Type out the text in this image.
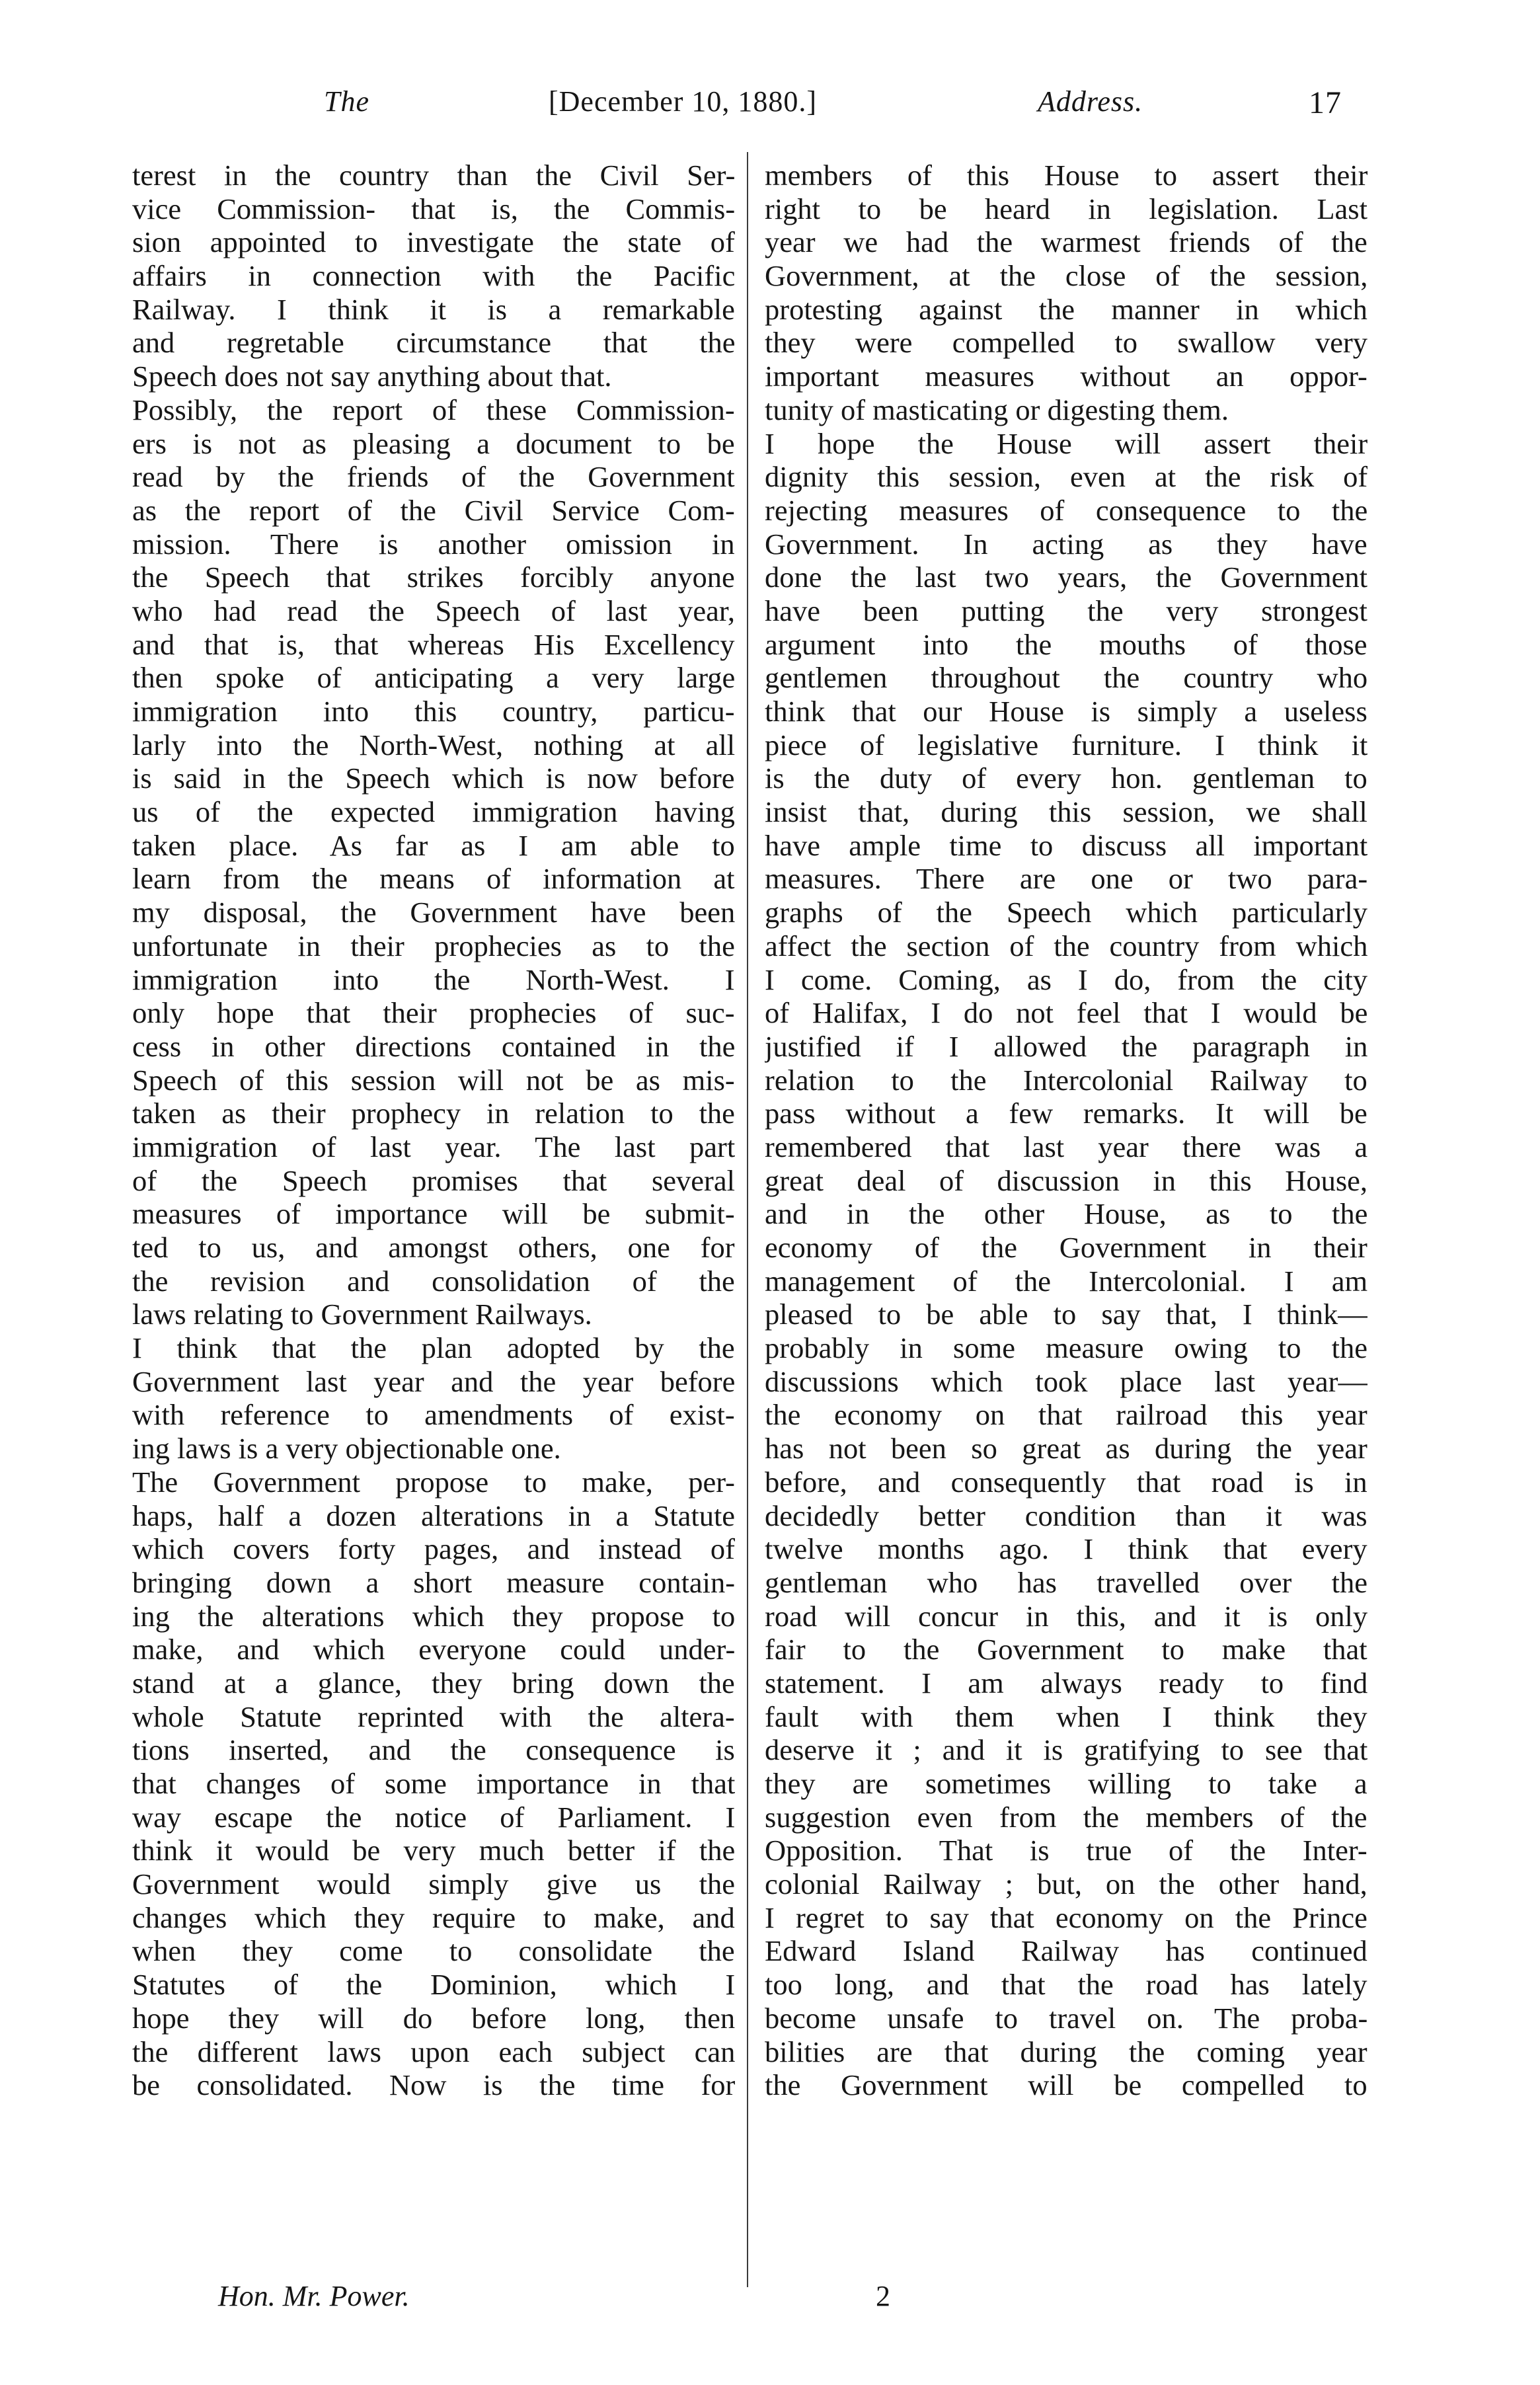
The	[December 10, 1880.]	Address.	17
terest in the country than the Civil Ser-
vice Commission- that is, the Commis-
sion appointed to investigate the state of
affairs in connection with the Pacific
Railway. I think it is a remarkable
and regretable circumstance that the
Speech does not say anything about that.
Possibly, the report of these Commission-
ers is not as pleasing a document to be
read by the friends of the Government
as the report of the Civil Service Com-
mission. There is another omission in
the Speech that strikes forcibly anyone
who had read the Speech of last year,
and that is, that whereas His Excellency
then spoke of anticipating a very large
immigration into this country, particu-
larly into the North-West, nothing at all
is said in the Speech which is now before
us of the expected immigration having
taken place. As far as I am able to
learn from the means of information at
my disposal, the Government have been
unfortunate in their prophecies as to the
immigration into the North-West. I
only hope that their prophecies of suc-
cess in other directions contained in the
Speech of this session will not be as mis-
taken as their prophecy in relation to the
immigration of last year. The last part
of the Speech promises that several
measures of importance will be submit-
ted to us, and amongst others, one for
the revision and consolidation of the
laws relating to Government Railways.
I think that the plan adopted by the
Government last year and the year before
with reference to amendments of exist-
ing laws is a very objectionable one.
The Government propose to make, per-
haps, half a dozen alterations in a Statute
which covers forty pages, and instead of
bringing down a short measure contain-
ing the alterations which they propose to
make, and which everyone could under-
stand at a glance, they bring down the
whole Statute reprinted with the altera-
tions inserted, and the consequence is
that changes of some importance in that
way escape the notice of Parliament. I
think it would be very much better if the
Government would simply give us the
changes which they require to make, and
when they come to consolidate the
Statutes of the Dominion, which I
hope they will do before long, then
the different laws upon each subject can
be consolidated. Now is the time for
members of this House to assert their
right to be heard in legislation. Last
year we had the warmest friends of the
Government, at the close of the session,
protesting against the manner in which
they were compelled to swallow very
important measures without an oppor-
tunity of masticating or digesting them.
I hope the House will assert their
dignity this session, even at the risk of
rejecting measures of consequence to the
Government. In acting as they have
done the last two years, the Government
have been putting the very strongest
argument into the mouths of those
gentlemen throughout the country who
think that our House is simply a useless
piece of legislative furniture. I think it
is the duty of every hon. gentleman to
insist that, during this session, we shall
have ample time to discuss all important
measures. There are one or two para-
graphs of the Speech which particularly
affect the section of the country from which
I come. Coming, as I do, from the city
of Halifax, I do not feel that I would be
justified if I allowed the paragraph in
relation to the Intercolonial Railway to
pass without a few remarks. It will be
remembered that last year there was a
great deal of discussion in this House,
and in the other House, as to the
economy of the Government in their
management of the Intercolonial. I am
pleased to be able to say that, I think—
probably in some measure owing to the
discussions which took place last year—
the economy on that railroad this year
has not been so great as during the year
before, and consequently that road is in
decidedly better condition than it was
twelve months ago. I think that every
gentleman who has travelled over the
road will concur in this, and it is only
fair to the Government to make that
statement. I am always ready to find
fault with them when I think they
deserve it ; and it is gratifying to see that
they are sometimes willing to take a
suggestion even from the members of the
Opposition. That is true of the Inter-
colonial Railway ; but, on the other hand,
I regret to say that economy on the Prince
Edward Island Railway has continued
too long, and that the road has lately
become unsafe to travel on. The proba-
bilities are that during the coming year
the Government will be compelled to
Hon. Mr. Power.	2
